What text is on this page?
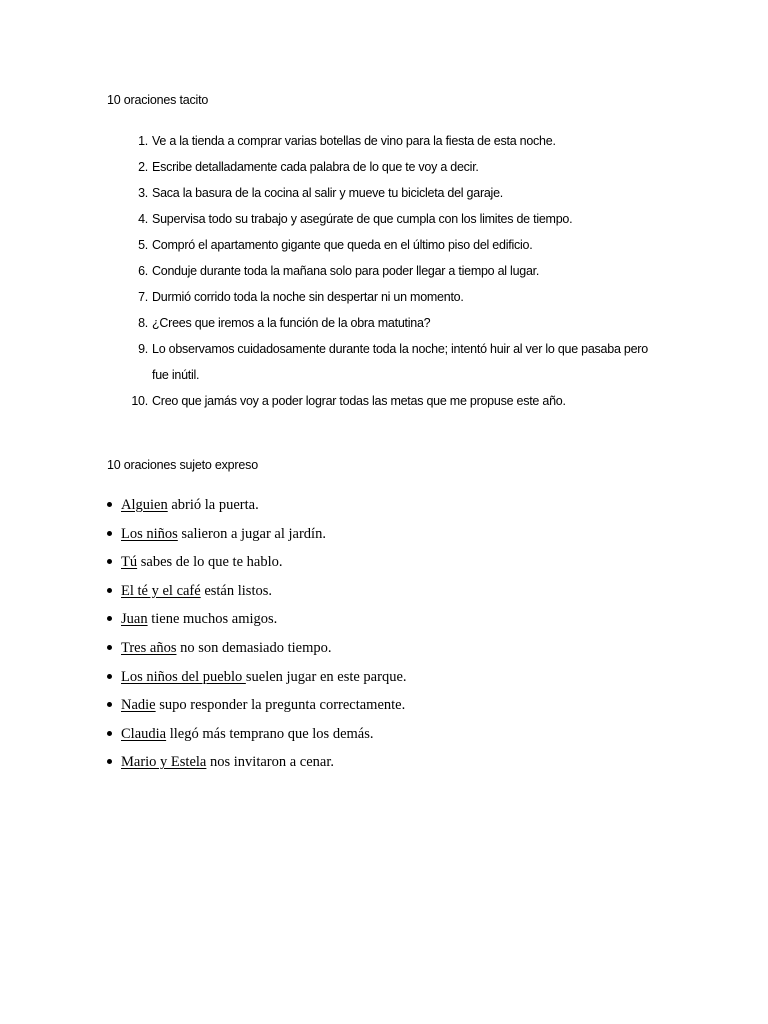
10 oraciones tacito
1. Ve a la tienda a comprar varias botellas de vino para la fiesta de esta noche.
2. Escribe detalladamente cada palabra de lo que te voy a decir.
3. Saca la basura de la cocina al salir y mueve tu bicicleta del garaje.
4. Supervisa todo su trabajo y asegúrate de que cumpla con los limites de tiempo.
5. Compró el apartamento gigante que queda en el último piso del edificio.
6. Conduje durante toda la mañana solo para poder llegar a tiempo al lugar.
7. Durmió corrido toda la noche sin despertar ni un momento.
8. ¿Crees que iremos a la función de la obra matutina?
9. Lo observamos cuidadosamente durante toda la noche; intentó huir al ver lo que pasaba pero fue inútil.
10. Creo que jamás voy a poder lograr todas las metas que me propuse este año.
10 oraciones sujeto expreso
Alguien abrió la puerta.
Los niños salieron a jugar al jardín.
Tú sabes de lo que te hablo.
El té y el café están listos.
Juan tiene muchos amigos.
Tres años no son demasiado tiempo.
Los niños del pueblo suelen jugar en este parque.
Nadie supo responder la pregunta correctamente.
Claudia llegó más temprano que los demás.
Mario y Estela nos invitaron a cenar.
